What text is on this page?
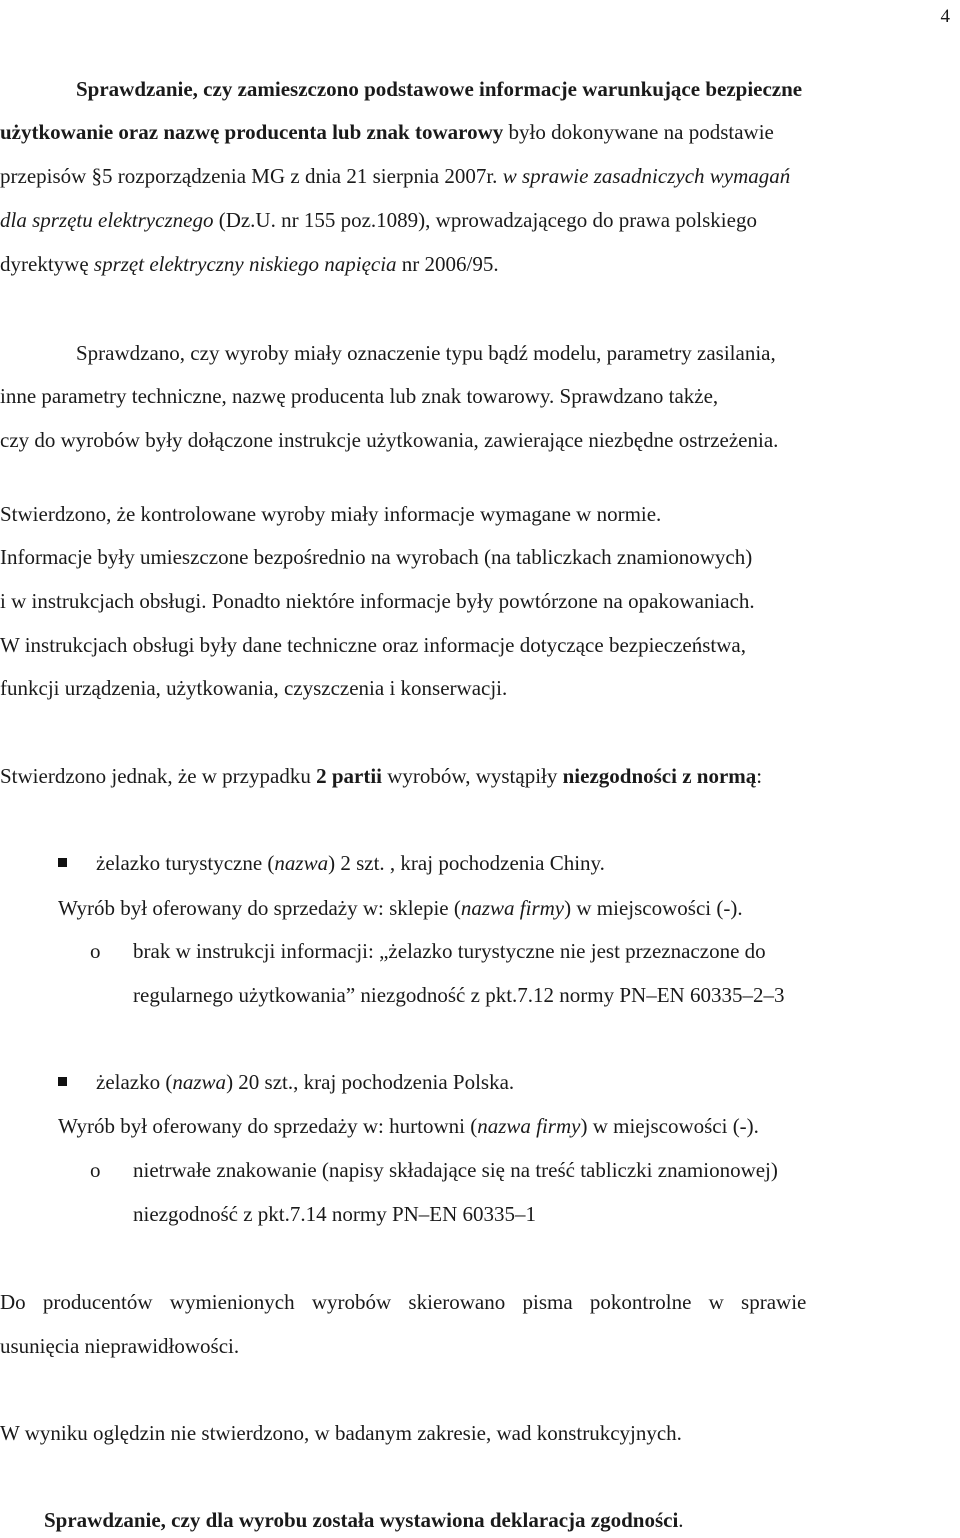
4

Sprawdzanie, czy zamieszczono podstawowe informacje warunkujące bezpieczne

użytkowanie oraz nazwę producenta lub znak towarowy było dokonywane na podstawie

przepisów §5 rozporządzenia MG z dnia 21 sierpnia 2007r. w sprawie zasadniczych wymagań

dla sprzętu elektrycznego (Dz.U. nr 155 poz.1089), wprowadzającego do prawa polskiego

dyrektywę sprzęt elektryczny niskiego napięcia nr 2006/95.

Sprawdzano, czy wyroby miały oznaczenie typu bądź modelu, parametry zasilania,

inne parametry techniczne, nazwę producenta lub znak towarowy. Sprawdzano także,

czy do wyrobów były dołączone instrukcje użytkowania, zawierające niezbędne ostrzeżenia.

Stwierdzono, że kontrolowane wyroby miały informacje wymagane w normie.

Informacje były umieszczone bezpośrednio na wyrobach (na tabliczkach znamionowych)

i w instrukcjach obsługi. Ponadto niektóre informacje były powtórzone na opakowaniach.

W instrukcjach obsługi były dane techniczne oraz informacje dotyczące bezpieczeństwa,

funkcji urządzenia, użytkowania, czyszczenia i konserwacji.

Stwierdzono jednak, że w przypadku 2 partii wyrobów, wystąpiły niezgodności z normą:

żelazko turystyczne (nazwa) 2 szt. , kraj pochodzenia Chiny.

Wyrób był oferowany do sprzedaży w: sklepie (nazwa firmy) w miejscowości (-).

o brak w instrukcji informacji: „żelazko turystyczne nie jest przeznaczone do

regularnego użytkowania” niezgodność z pkt.7.12 normy PN–EN 60335–2–3

żelazko (nazwa) 20 szt., kraj pochodzenia Polska.

Wyrób był oferowany do sprzedaży w: hurtowni (nazwa firmy) w miejscowości (-).

o nietrwałe znakowanie (napisy składające się na treść tabliczki znamionowej)

niezgodność z pkt.7.14 normy PN–EN 60335–1

Do producentów wymienionych wyrobów skierowano pisma pokontrolne w sprawie

usunięcia nieprawidłowości.

W wyniku oględzin nie stwierdzono, w badanym zakresie, wad konstrukcyjnych.

Sprawdzanie, czy dla wyrobu została wystawiona deklaracja zgodności.
